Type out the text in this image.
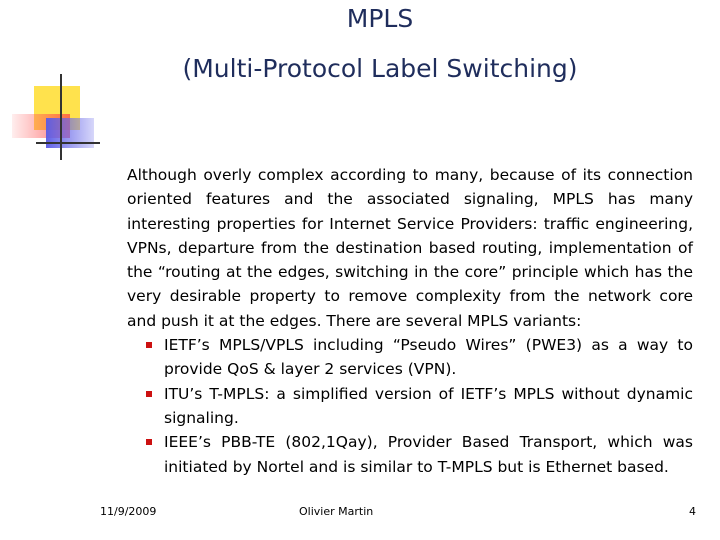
MPLS
(Multi-Protocol Label Switching)

Although overly complex according to many, because of its connection oriented features and the associated signaling, MPLS has many interesting properties for Internet Service Providers: traffic engineering, VPNs, departure from the destination based routing, implementation of the “routing at the edges, switching in the core” principle which has the very desirable property to remove complexity from the network core and push it at the edges. There are several MPLS variants:

IETF’s MPLS/VPLS including “Pseudo Wires” (PWE3) as a way to provide QoS & layer 2 services (VPN).
ITU’s T-MPLS: a simplified version of IETF’s MPLS without dynamic signaling.
IEEE’s PBB-TE (802,1Qay), Provider Based Transport, which was initiated by Nortel and is similar to T-MPLS but is Ethernet based.
11/9/2009	Olivier Martin	4
